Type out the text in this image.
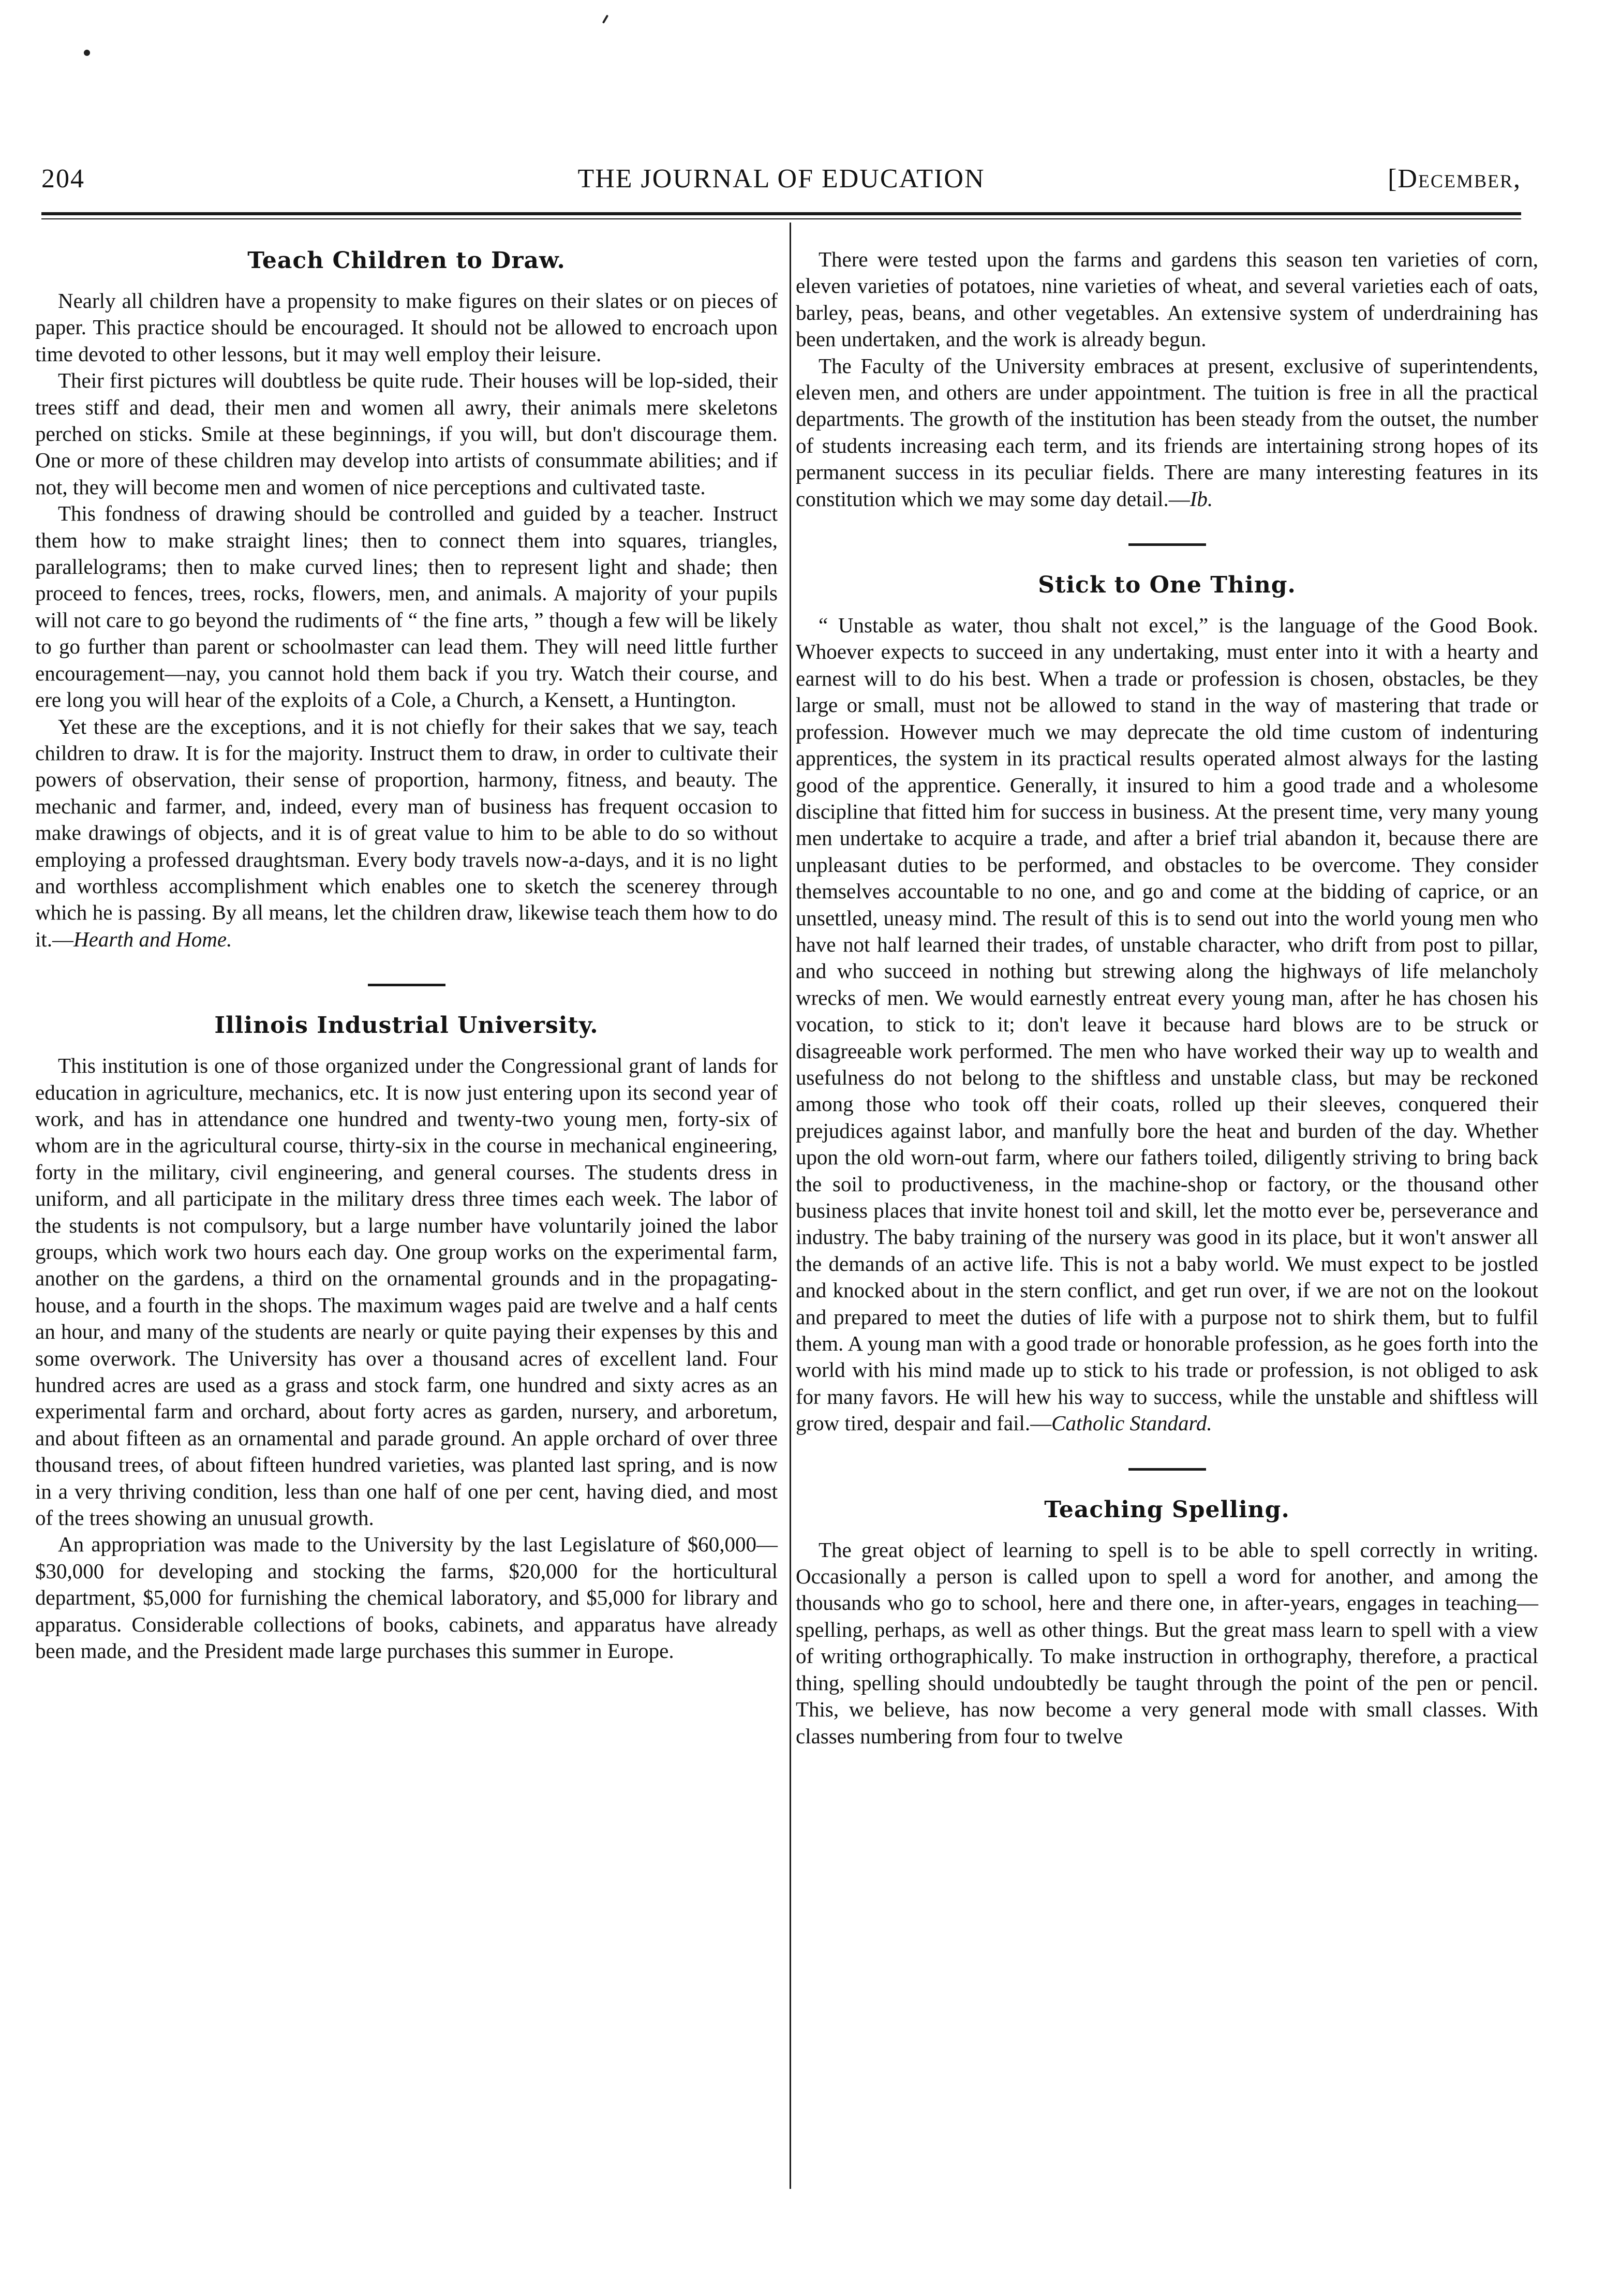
204	THE JOURNAL OF EDUCATION	[December,
Teach Children to Draw.

Nearly all children have a propensity to make figures on their slates or on pieces of paper. This practice should be encouraged. It should not be allowed to encroach upon time devoted to other lessons, but it may well employ their leisure.

Their first pictures will doubtless be quite rude. Their houses will be lop-sided, their trees stiff and dead, their men and women all awry, their animals mere skeletons perched on sticks. Smile at these beginnings, if you will, but don't discourage them. One or more of these children may develop into artists of consummate abilities; and if not, they will become men and women of nice perceptions and cultivated taste.

This fondness of drawing should be controlled and guided by a teacher. Instruct them how to make straight lines; then to connect them into squares, triangles, parallelograms; then to make curved lines; then to represent light and shade; then proceed to fences, trees, rocks, flowers, men, and animals. A majority of your pupils will not care to go beyond the rudiments of “ the fine arts, ” though a few will be likely to go further than parent or schoolmaster can lead them. They will need little further encouragement—nay, you cannot hold them back if you try. Watch their course, and ere long you will hear of the exploits of a Cole, a Church, a Kensett, a Huntington.

Yet these are the exceptions, and it is not chiefly for their sakes that we say, teach children to draw. It is for the majority. Instruct them to draw, in order to cultivate their powers of observation, their sense of proportion, harmony, fitness, and beauty. The mechanic and farmer, and, indeed, every man of business has frequent occasion to make drawings of objects, and it is of great value to him to be able to do so without employing a professed draughtsman. Every body travels now-a-days, and it is no light and worthless accomplishment which enables one to sketch the scenerey through which he is passing. By all means, let the children draw, likewise teach them how to do it.—Hearth and Home.

Illinois Industrial University.

This institution is one of those organized under the Congressional grant of lands for education in agriculture, mechanics, etc. It is now just entering upon its second year of work, and has in attendance one hundred and twenty-two young men, forty-six of whom are in the agricultural course, thirty-six in the course in mechanical engineering, forty in the military, civil engineering, and general courses. The students dress in uniform, and all participate in the military dress three times each week. The labor of the students is not compulsory, but a large number have voluntarily joined the labor groups, which work two hours each day. One group works on the experimental farm, another on the gardens, a third on the ornamental grounds and in the propagating-house, and a fourth in the shops. The maximum wages paid are twelve and a half cents an hour, and many of the students are nearly or quite paying their expenses by this and some overwork. The University has over a thousand acres of excellent land. Four hundred acres are used as a grass and stock farm, one hundred and sixty acres as an experimental farm and orchard, about forty acres as garden, nursery, and arboretum, and about fifteen as an ornamental and parade ground. An apple orchard of over three thousand trees, of about fifteen hundred varieties, was planted last spring, and is now in a very thriving condition, less than one half of one per cent, having died, and most of the trees showing an unusual growth.

An appropriation was made to the University by the last Legislature of $60,000—$30,000 for developing and stocking the farms, $20,000 for the horticultural department, $5,000 for furnishing the chemical laboratory, and $5,000 for library and apparatus. Considerable collections of books, cabinets, and apparatus have already been made, and the President made large purchases this summer in Europe.

There were tested upon the farms and gardens this season ten varieties of corn, eleven varieties of potatoes, nine varieties of wheat, and several varieties each of oats, barley, peas, beans, and other vegetables. An extensive system of underdraining has been undertaken, and the work is already begun.

The Faculty of the University embraces at present, exclusive of superintendents, eleven men, and others are under appointment. The tuition is free in all the practical departments. The growth of the institution has been steady from the outset, the number of students increasing each term, and its friends are intertaining strong hopes of its permanent success in its peculiar fields. There are many interesting features in its constitution which we may some day detail.—Ib.

Stick to One Thing.

“ Unstable as water, thou shalt not excel,” is the language of the Good Book. Whoever expects to succeed in any undertaking, must enter into it with a hearty and earnest will to do his best. When a trade or profession is chosen, obstacles, be they large or small, must not be allowed to stand in the way of mastering that trade or profession. However much we may deprecate the old time custom of indenturing apprentices, the system in its practical results operated almost always for the lasting good of the apprentice. Generally, it insured to him a good trade and a wholesome discipline that fitted him for success in business. At the present time, very many young men undertake to acquire a trade, and after a brief trial abandon it, because there are unpleasant duties to be performed, and obstacles to be overcome. They consider themselves accountable to no one, and go and come at the bidding of caprice, or an unsettled, uneasy mind. The result of this is to send out into the world young men who have not half learned their trades, of unstable character, who drift from post to pillar, and who succeed in nothing but strewing along the highways of life melancholy wrecks of men. We would earnestly entreat every young man, after he has chosen his vocation, to stick to it; don't leave it because hard blows are to be struck or disagreeable work performed. The men who have worked their way up to wealth and usefulness do not belong to the shiftless and unstable class, but may be reckoned among those who took off their coats, rolled up their sleeves, conquered their prejudices against labor, and manfully bore the heat and burden of the day. Whether upon the old worn-out farm, where our fathers toiled, diligently striving to bring back the soil to productiveness, in the machine-shop or factory, or the thousand other business places that invite honest toil and skill, let the motto ever be, perseverance and industry. The baby training of the nursery was good in its place, but it won't answer all the demands of an active life. This is not a baby world. We must expect to be jostled and knocked about in the stern conflict, and get run over, if we are not on the lookout and prepared to meet the duties of life with a purpose not to shirk them, but to fulfil them. A young man with a good trade or honorable profession, as he goes forth into the world with his mind made up to stick to his trade or profession, is not obliged to ask for many favors. He will hew his way to success, while the unstable and shiftless will grow tired, despair and fail.—Catholic Standard.

Teaching Spelling.

The great object of learning to spell is to be able to spell correctly in writing. Occasionally a person is called upon to spell a word for another, and among the thousands who go to school, here and there one, in after-years, engages in teaching—spelling, perhaps, as well as other things. But the great mass learn to spell with a view of writing orthographically. To make instruction in orthography, therefore, a practical thing, spelling should undoubtedly be taught through the point of the pen or pencil. This, we believe, has now become a very general mode with small classes. With classes numbering from four to twelve
